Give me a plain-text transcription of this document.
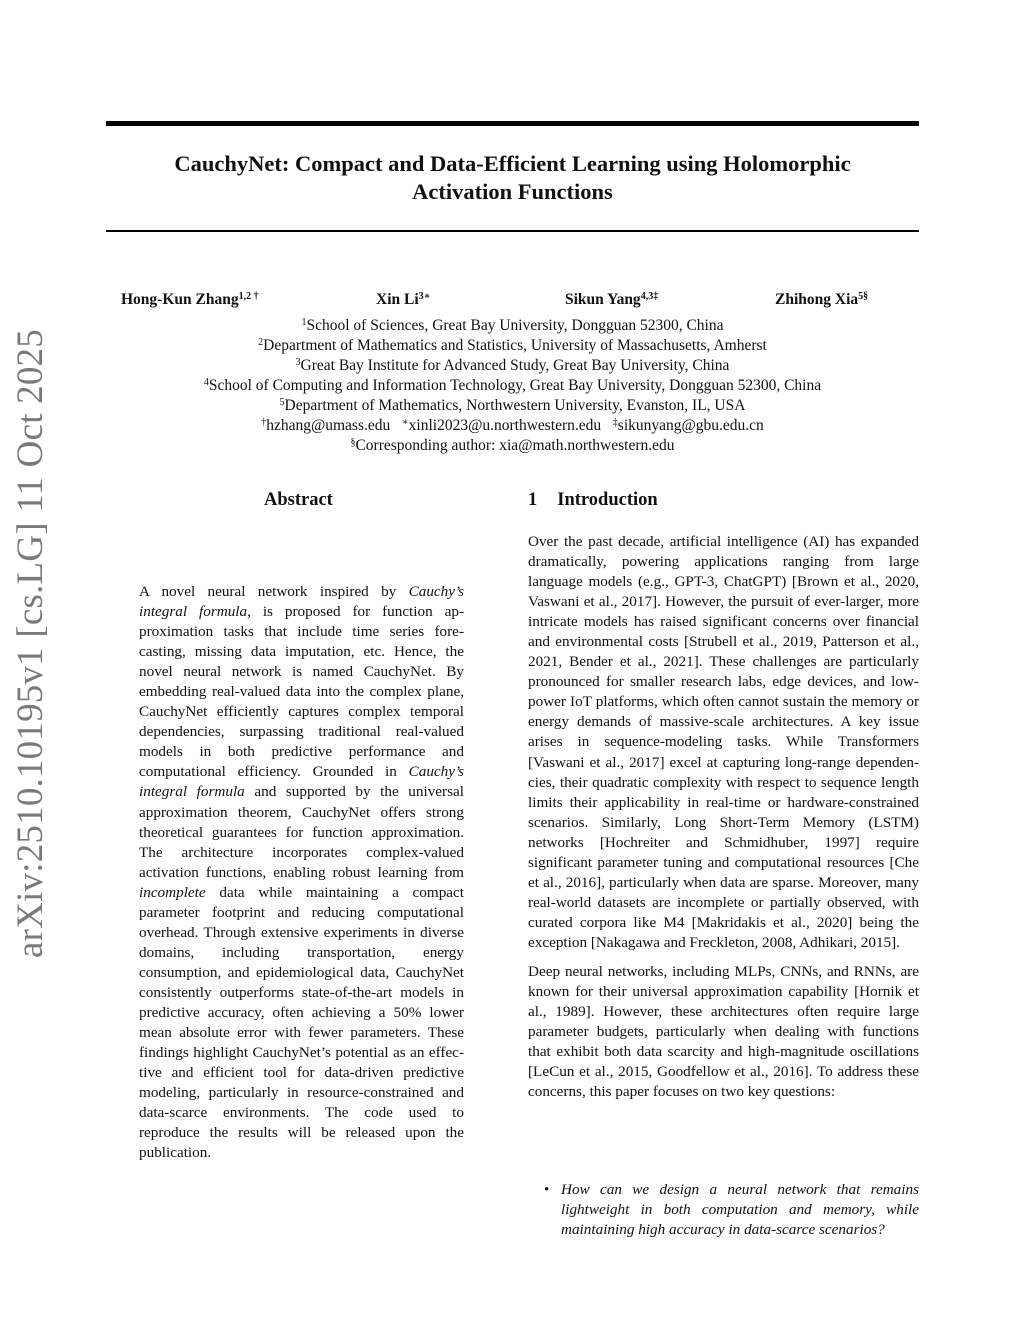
arXiv:2510.10195v1 [cs.LG] 11 Oct 2025
CauchyNet: Compact and Data-Efficient Learning using Holomorphic
Activation Functions
Hong-Kun Zhang$^{1,2 \dagger}$	Xin $Li^{3∗}$	Sikun Yang$^{4,3\ddagger}$	Zhihong Xia$^{5\S}$
$^1$School of Sciences, Great Bay University, Dongguan 52300, China
$^2$Department of Mathematics and Statistics, University of Massachusetts, Amherst
$^3$Great Bay Institute for Advanced Study, Great Bay University, China
$^4$School of Computing and Information Technology, Great Bay University, Dongguan 52300, China
$^5$Department of Mathematics, Northwestern University, Evanston, IL, USA
†hzhang@umass.edu ∗xinli2023@u.northwestern.edu ‡sikunyang@gbu.edu.cn
§Corresponding author: xia@math.northwestern.edu
Abstract

A novel neural network inspired by Cauchy’s integral formula, is proposed for function approximation tasks that include time series forecasting, missing data imputation, etc. Hence, the novel neural network is named CauchyNet. By embedding real-valued data into the complex plane, CauchyNet efficiently captures complex temporal dependencies, surpassing traditional real-valued models in both predictive performance and computational efficiency. Grounded in Cauchy’s integral formula and supported by the universal approximation theorem, CauchyNet offers strong theoretical guarantees for function approximation. The architecture incorporates complex-valued activation functions, enabling robust learning from incomplete data while maintaining a compact parameter footprint and reducing computational overhead. Through extensive experiments in diverse domains, including transportation, energy consumption, and epidemiological data, CauchyNet consistently outperforms state-of-the-art models in predictive accuracy, often achieving a 50% lower mean absolute error with fewer parameters. These findings highlight CauchyNet’s potential as an effective and efficient tool for data-driven predictive modeling, particularly in resource-constrained and data-scarce environments. The code used to reproduce the results will be released upon the publication.

1 Introduction

Over the past decade, artificial intelligence (AI) has expanded dramatically, powering applications ranging from large language models (e.g., GPT-3, ChatGPT) [Brown et al., 2020, Vaswani et al., 2017]. However, the pursuit of ever-larger, more intricate models has raised significant concerns over financial and environmental costs [Strubell et al., 2019, Patterson et al., 2021, Bender et al., 2021]. These challenges are particularly pronounced for smaller research labs, edge devices, and low-power IoT platforms, which often cannot sustain the memory or energy demands of massive-scale architectures. A key issue arises in sequence-modeling tasks. While Transformers [Vaswani et al., 2017] excel at capturing long-range dependencies, their quadratic complexity with respect to sequence length limits their applicability in real-time or hardware-constrained scenarios. Similarly, Long Short-Term Memory (LSTM) networks [Hochreiter and Schmidhuber, 1997] require significant parameter tuning and computational resources [Che et al., 2016], particularly when data are sparse. Moreover, many real-world datasets are incomplete or partially observed, with curated corpora like M4 [Makridakis et al., 2020] being the exception [Nakagawa and Freckleton, 2008, Adhikari, 2015].

Deep neural networks, including MLPs, CNNs, and RNNs, are known for their universal approximation capability [Hornik et al., 1989]. However, these architectures often require large parameter budgets, particularly when dealing with functions that exhibit both data scarcity and high-magnitude oscillations [LeCun et al., 2015, Goodfellow et al., 2016]. To address these concerns, this paper focuses on two key questions:

• How can we design a neural network that remains lightweight in both computation and memory, while maintaining high accuracy in data-scarce scenarios?
